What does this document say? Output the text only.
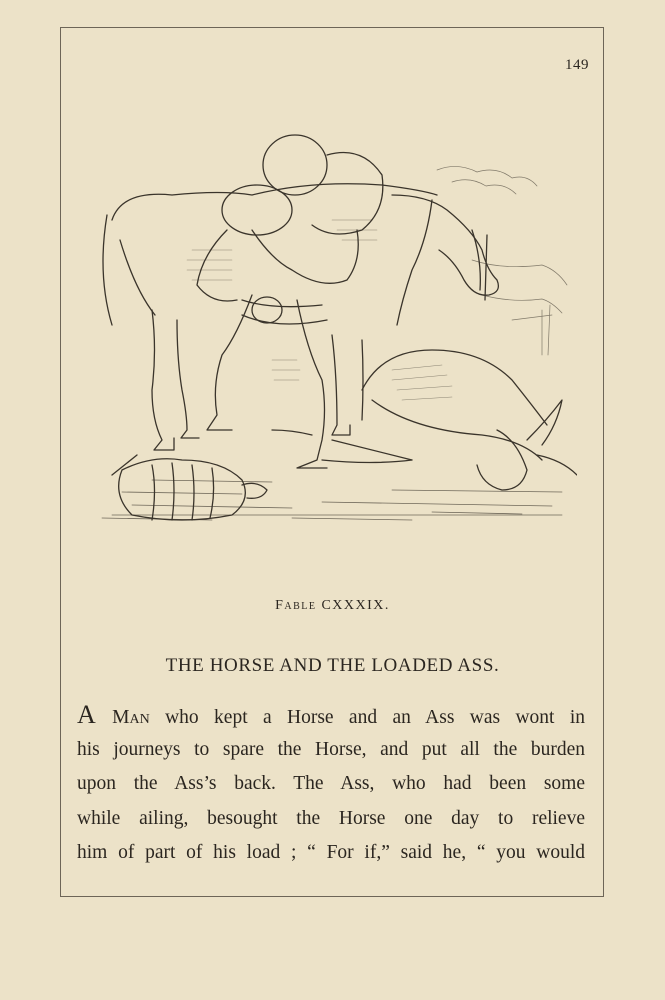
149
Fable CXXXIX.
THE HORSE AND THE LOADED ASS.
A Man who kept a Horse and an Ass was wont in
his journeys to spare the Horse, and put all the burden
upon the Ass’s back. The Ass, who had been some
while ailing, besought the Horse one day to relieve
him of part of his load ; “ For if,” said he, “ you would
